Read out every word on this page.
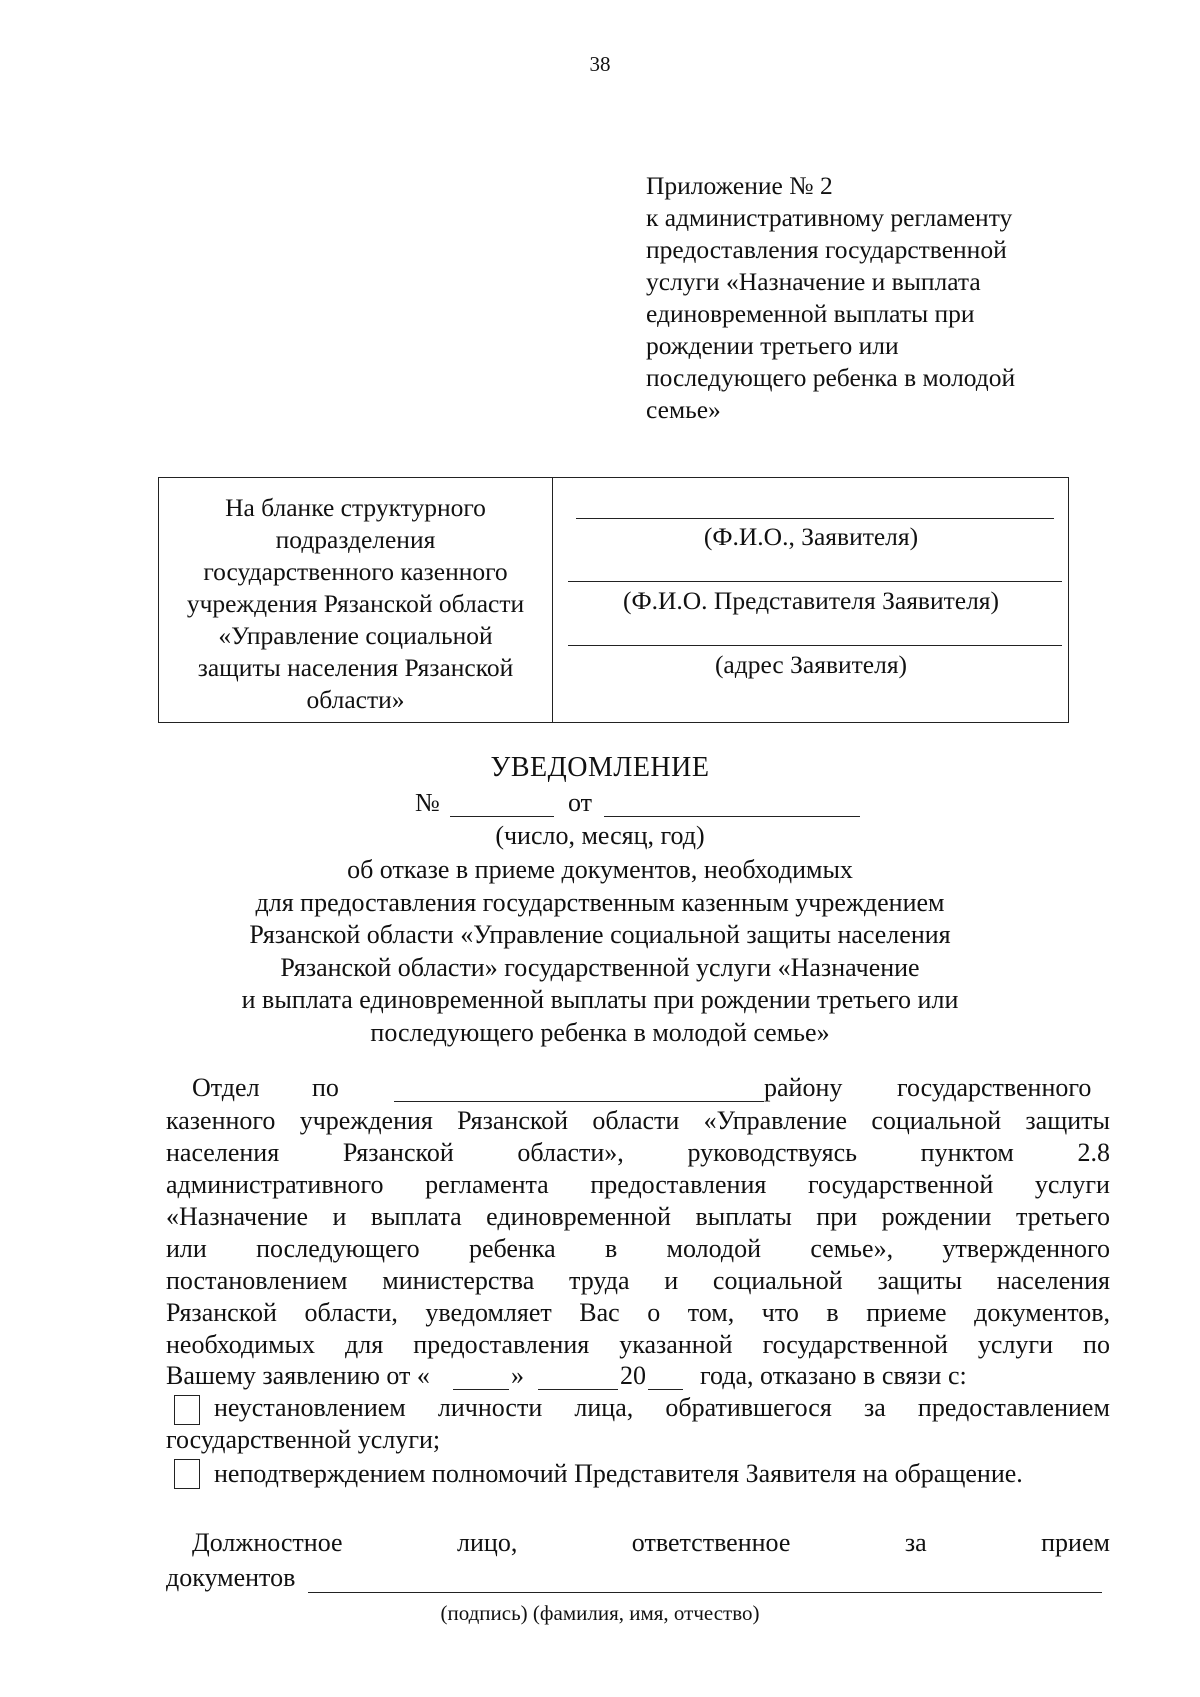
38
Приложение № 2
к административному регламенту
предоставления государственной
услуги «Назначение и выплата
единовременной выплаты при
рождении третьего или
последующего ребенка в молодой
семье»
На бланке структурного
подразделения
государственного казенного
учреждения Рязанской области
«Управление социальной
защиты населения Рязанской
области»
(Ф.И.О., Заявителя)
(Ф.И.О. Представителя Заявителя)
(адрес Заявителя)
УВЕДОМЛЕНИЕ
№	от
(число, месяц, год)
об отказе в приеме документов, необходимых
для предоставления государственным казенным учреждением
Рязанской области «Управление социальной защиты населения
Рязанской области» государственной услуги «Назначение
и выплата единовременной выплаты при рождении третьего или
последующего ребенка в молодой семье»
Отдел по	району государственного
казенного учреждения Рязанской области «Управление социальной защиты
населения Рязанской области», руководствуясь пунктом 2.8
административного регламента предоставления государственной услуги
«Назначение и выплата единовременной выплаты при рождении третьего
или последующего ребенка в молодой семье», утвержденного
постановлением министерства труда и социальной защиты населения
Рязанской области, уведомляет Вас о том, что в приеме документов,
необходимых для предоставления указанной государственной услуги по
Вашему заявлению от «	»	20 года, отказано в связи с:
неустановлением личности лица, обратившегося за предоставлением
государственной услуги;
неподтверждением полномочий Представителя Заявителя на обращение.
Должностное	лицо,	ответственное	за	прием
документов
(подпись) (фамилия, имя, отчество)
